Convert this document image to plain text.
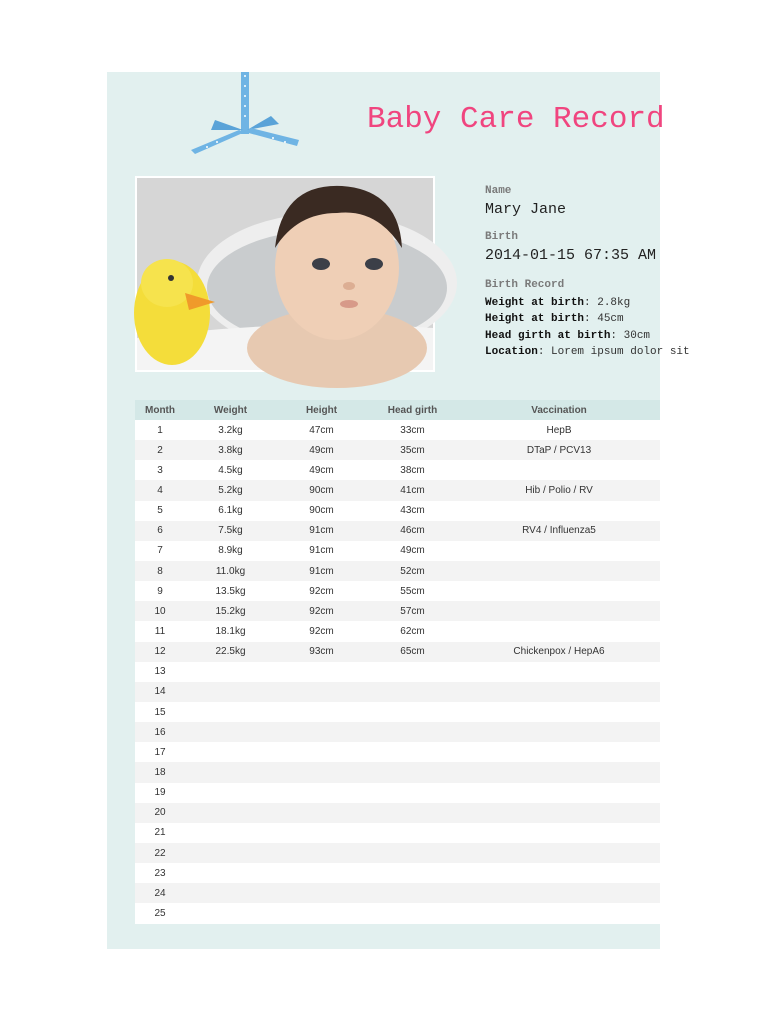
Baby Care Record
Name
Mary Jane
Birth
2014-01-15 67:35 AM
Birth Record
Weight at birth: 2.8kg
Height at birth: 45cm
Head girth at birth: 30cm
Location: Lorem ipsum dolor sit
Month	Weight	Height	Head girth	Vaccination
1	3.2kg	47cm	33cm	HepB
2	3.8kg	49cm	35cm	DTaP / PCV13
3	4.5kg	49cm	38cm	
4	5.2kg	90cm	41cm	Hib / Polio / RV
5	6.1kg	90cm	43cm	
6	7.5kg	91cm	46cm	RV4 / Influenza5
7	8.9kg	91cm	49cm	
8	11.0kg	91cm	52cm	
9	13.5kg	92cm	55cm	
10	15.2kg	92cm	57cm	
11	18.1kg	92cm	62cm	
12	22.5kg	93cm	65cm	Chickenpox / HepA6
13				
14				
15				
16				
17				
18				
19				
20				
21				
22				
23				
24				
25				
